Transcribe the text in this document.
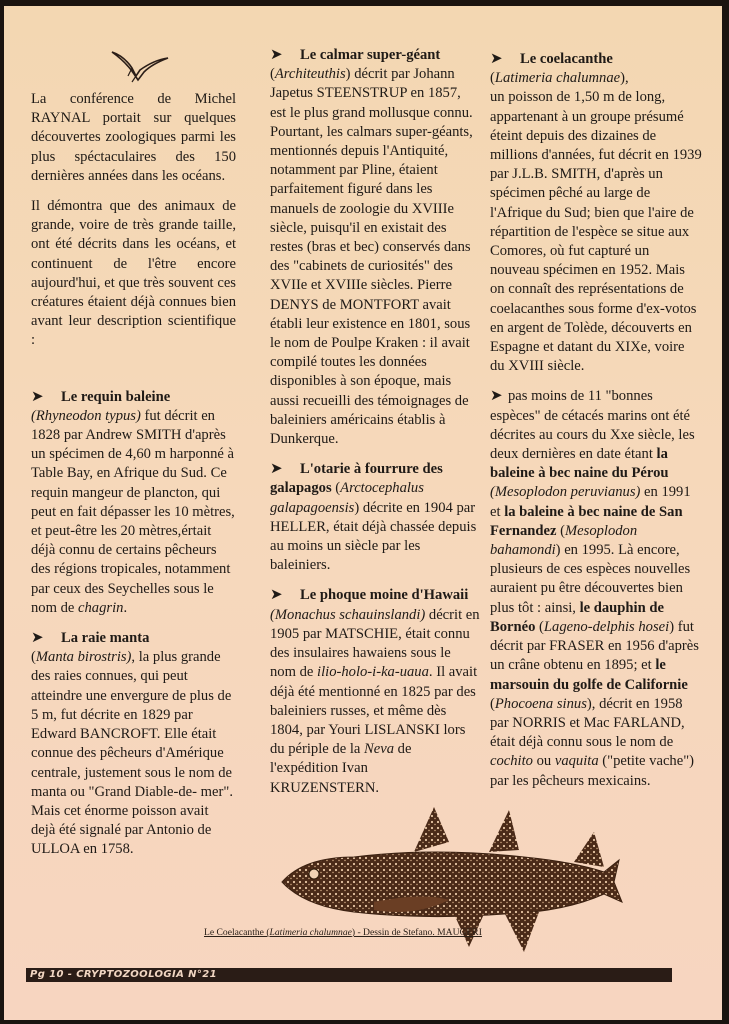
La conférence de Michel RAYNAL portait sur quelques découvertes zoologiques parmi les plus spéctaculaires des 150 dernières années dans les océans.

Il démontra que des animaux de grande, voire de très grande taille, ont été décrits dans les océans, et continuent de l'être encore aujourd'hui, et que très souvent ces créatures étaient déjà connues bien avant leur description scientifique :

➤ Le requin baleine
(Rhyneodon typus) fut décrit en 1828 par Andrew SMITH d'après un spécimen de 4,60 m harponné à Table Bay, en Afrique du Sud. Ce requin mangeur de plancton, qui peut en fait dépasser les 10 mètres, et peut-être les 20 mètres,értait déjà connu de certains pêcheurs des régions tropicales, notamment par ceux des Seychelles sous le nom de chagrin.

➤ La raie manta
(Manta birostris), la plus grande des raies connues, qui peut atteindre une envergure de plus de 5 m, fut décrite en 1829 par Edward BANCROFT. Elle était connue des pêcheurs d'Amérique centrale, justement sous le nom de manta ou "Grand Diable-de- mer". Mais cet énorme poisson avait dejà été signalé par Antonio de ULLOA en 1758.

➤ Le calmar super-géant
(Architeuthis) décrit par Johann Japetus STEENSTRUP en 1857, est le plus grand mollusque connu. Pourtant, les calmars super-géants, mentionnés depuis l'Antiquité, notamment par Pline, étaient parfaitement figuré dans les manuels de zoologie du XVIIIe siècle, puisqu'il en existait des restes (bras et bec) conservés dans des "cabinets de curiosités" des XVIIe et XVIIIe siècles. Pierre DENYS de MONTFORT avait établi leur existence en 1801, sous le nom de Poulpe Kraken : il avait compilé toutes les données disponibles à son époque, mais aussi recueilli des témoignages de baleiniers américains établis à Dunkerque.

➤ L'otarie à fourrure des galapagos (Arctocephalus galapagoensis) décrite en 1904 par HELLER, était déjà chassée depuis au moins un siècle par les baleiniers.

➤ Le phoque moine d'Hawaii
(Monachus schauinslandi) décrit en 1905 par MATSCHIE, était connu des insulaires hawaiens sous le nom de ilio-holo-i-ka-uaua. Il avait déjà été mentionné en 1825 par des baleiniers russes, et même dès 1804, par Youri LISLANSKI lors du périple de la Neva de l'expédition Ivan KRUZENSTERN.

➤ Le coelacanthe
(Latimeria chalumnae),
un poisson de 1,50 m de long, appartenant à un groupe présumé éteint depuis des dizaines de millions d'années, fut décrit en 1939 par J.L.B. SMITH, d'après un spécimen pêché au large de l'Afrique du Sud; bien que l'aire de répartition de l'espèce se situe aux Comores, où fut capturé un nouveau spécimen en 1952. Mais on connaît des représentations de coelacanthes sous forme d'ex-votos en argent de Tolède, découverts en Espagne et datant du XIXe, voire du XVIII siècle.

➤ pas moins de 11 "bonnes espèces" de cétacés marins ont été décrites au cours du Xxe siècle, les deux dernières en date étant la baleine à bec naine du Pérou (Mesoplodon peruvianus) en 1991 et la baleine à bec naine de San Fernandez (Mesoplodon bahamondi) en 1995. Là encore, plusieurs de ces espèces nouvelles auraient pu être découvertes bien plus tôt : ainsi, le dauphin de Bornéo (Lageno-delphis hosei) fut décrit par FRASER en 1956 d'après un crâne obtenu en 1895; et le marsouin du golfe de Californie (Phocoena sinus), décrit en 1958 par NORRIS et Mac FARLAND, était déjà connu sous le nom de cochito ou vaquita ("petite vache") par les pêcheurs mexicains.

Le Coelacanthe (Latimeria chalumnae) - Dessin de Stefano. MAUGERI
Pg 10 - CRYPTOZOOLOGIA N°21
